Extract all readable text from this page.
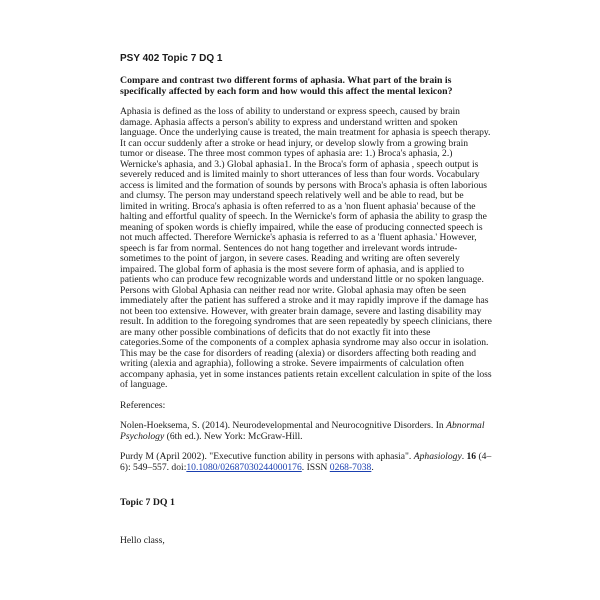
PSY 402 Topic 7 DQ 1

Compare and contrast two different forms of aphasia. What part of the brain is specifically affected by each form and how would this affect the mental lexicon?

Aphasia is defined as the loss of ability to understand or express speech, caused by brain damage. Aphasia affects a person's ability to express and understand written and spoken language. Once the underlying cause is treated, the main treatment for aphasia is speech therapy. It can occur suddenly after a stroke or head injury, or develop slowly from a growing brain tumor or disease. The three most common types of aphasia are: 1.) Broca's aphasia, 2.) Wernicke's aphasia, and 3.) Global aphasia1. In the Broca's form of aphasia , speech output is severely reduced and is limited mainly to short utterances of less than four words. Vocabulary access is limited and the formation of sounds by persons with Broca's aphasia is often laborious and clumsy. The person may understand speech relatively well and be able to read, but be limited in writing. Broca's aphasia is often referred to as a 'non fluent aphasia' because of the halting and effortful quality of speech. In the Wernicke's form of aphasia the ability to grasp the meaning of spoken words is chiefly impaired, while the ease of producing connected speech is not much affected. Therefore Wernicke's aphasia is referred to as a 'fluent aphasia.' However, speech is far from normal. Sentences do not hang together and irrelevant words intrude-sometimes to the point of jargon, in severe cases. Reading and writing are often severely impaired. The global form of aphasia is the most severe form of aphasia, and is applied to patients who can produce few recognizable words and understand little or no spoken language. Persons with Global Aphasia can neither read nor write. Global aphasia may often be seen immediately after the patient has suffered a stroke and it may rapidly improve if the damage has not been too extensive. However, with greater brain damage, severe and lasting disability may result. In addition to the foregoing syndromes that are seen repeatedly by speech clinicians, there are many other possible combinations of deficits that do not exactly fit into these categories.Some of the components of a complex aphasia syndrome may also occur in isolation. This may be the case for disorders of reading (alexia) or disorders affecting both reading and writing (alexia and agraphia), following a stroke. Severe impairments of calculation often accompany aphasia, yet in some instances patients retain excellent calculation in spite of the loss of language.

References:

Nolen-Hoeksema, S. (2014). Neurodevelopmental and Neurocognitive Disorders. In Abnormal Psychology (6th ed.). New York: McGraw-Hill.

Purdy M (April 2002). "Executive function ability in persons with aphasia". Aphasiology. 16 (4–6): 549–557. doi:10.1080/02687030244000176. ISSN 0268-7038.

Topic 7 DQ 1

Hello class,
